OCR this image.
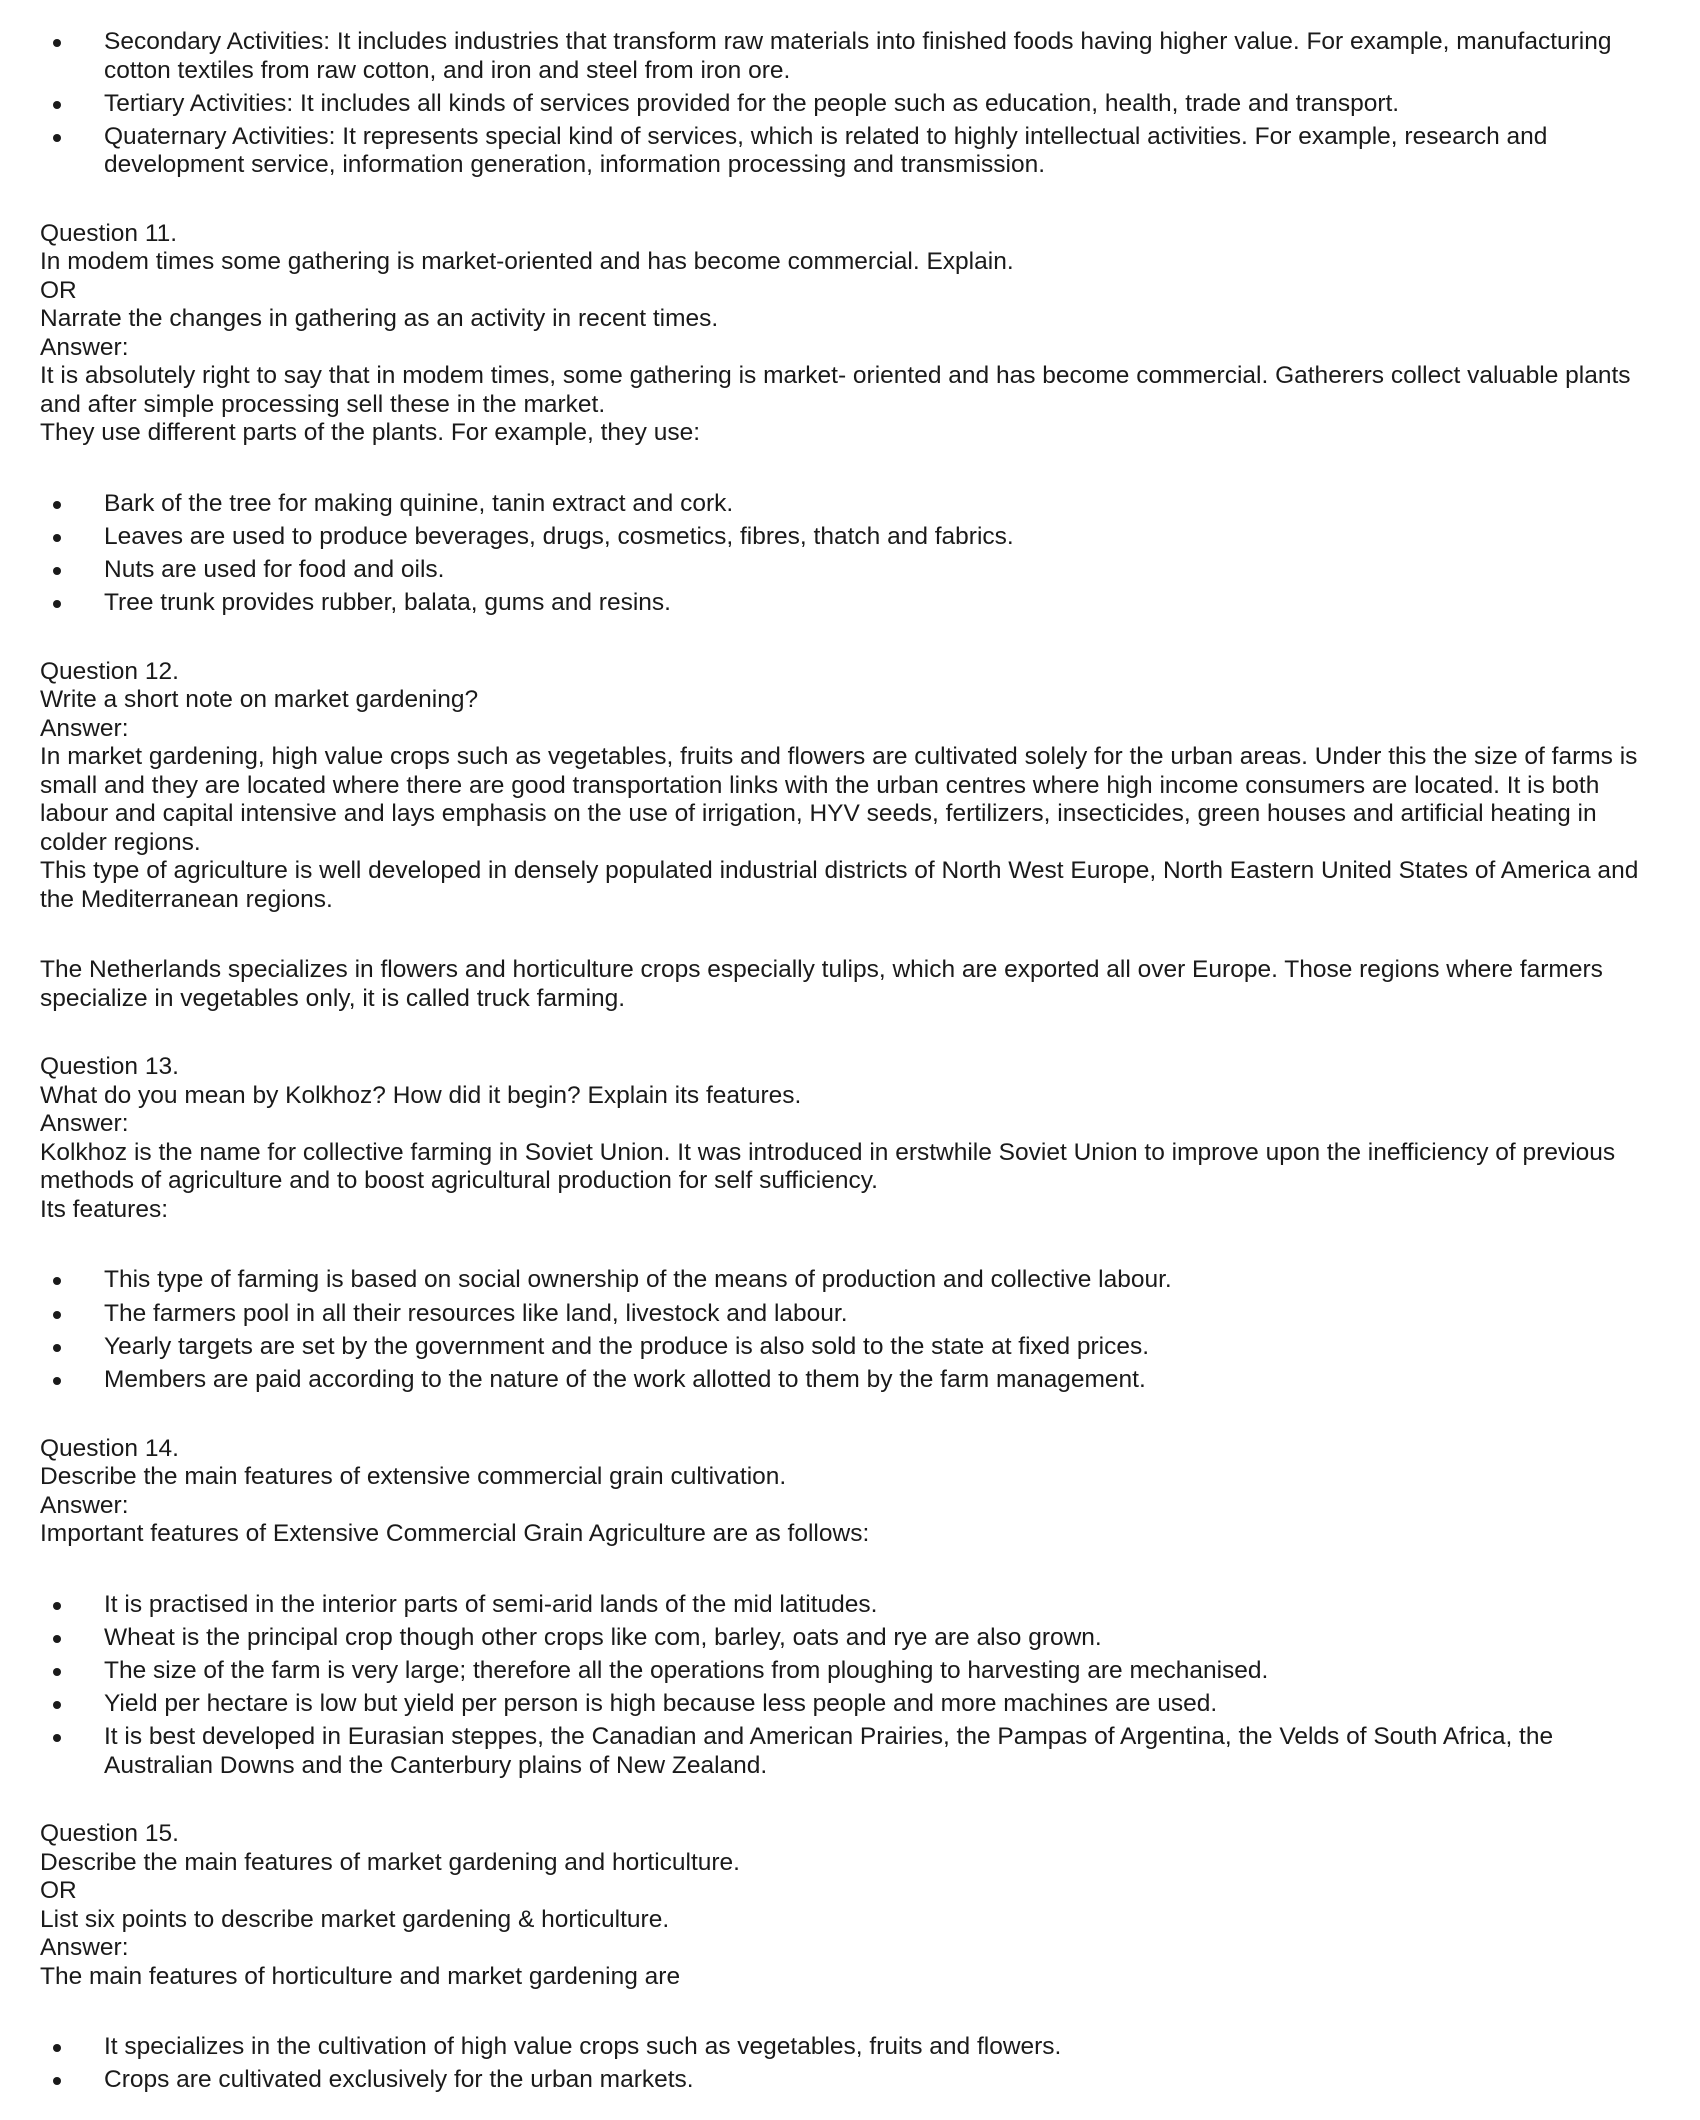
Secondary Activities: It includes industries that transform raw materials into finished foods having higher value. For example, manufacturing cotton textiles from raw cotton, and iron and steel from iron ore.
Tertiary Activities: It includes all kinds of services provided for the people such as education, health, trade and transport.
Quaternary Activities: It represents special kind of services, which is related to highly intellectual activities. For example, research and development service, information generation, information processing and transmission.
Question 11.
In modem times some gathering is market-oriented and has become commercial. Explain.
OR
Narrate the changes in gathering as an activity in recent times.
Answer:
It is absolutely right to say that in modem times, some gathering is market- oriented and has become commercial. Gatherers collect valuable plants and after simple processing sell these in the market.
They use different parts of the plants. For example, they use:
Bark of the tree for making quinine, tanin extract and cork.
Leaves are used to produce beverages, drugs, cosmetics, fibres, thatch and fabrics.
Nuts are used for food and oils.
Tree trunk provides rubber, balata, gums and resins.
Question 12.
Write a short note on market gardening?
Answer:
In market gardening, high value crops such as vegetables, fruits and flowers are cultivated solely for the urban areas. Under this the size of farms is small and they are located where there are good transportation links with the urban centres where high income consumers are located. It is both labour and capital intensive and lays emphasis on the use of irrigation, HYV seeds, fertilizers, insecticides, green houses and artificial heating in colder regions.
This type of agriculture is well developed in densely populated industrial districts of North West Europe, North Eastern United States of America and the Mediterranean regions.
The Netherlands specializes in flowers and horticulture crops especially tulips, which are exported all over Europe. Those regions where farmers specialize in vegetables only, it is called truck farming.
Question 13.
What do you mean by Kolkhoz? How did it begin? Explain its features.
Answer:
Kolkhoz is the name for collective farming in Soviet Union. It was introduced in erstwhile Soviet Union to improve upon the inefficiency of previous methods of agriculture and to boost agricultural production for self sufficiency.
Its features:
This type of farming is based on social ownership of the means of production and collective labour.
The farmers pool in all their resources like land, livestock and labour.
Yearly targets are set by the government and the produce is also sold to the state at fixed prices.
Members are paid according to the nature of the work allotted to them by the farm management.
Question 14.
Describe the main features of extensive commercial grain cultivation.
Answer:
Important features of Extensive Commercial Grain Agriculture are as follows:
It is practised in the interior parts of semi-arid lands of the mid latitudes.
Wheat is the principal crop though other crops like com, barley, oats and rye are also grown.
The size of the farm is very large; therefore all the operations from ploughing to harvesting are mechanised.
Yield per hectare is low but yield per person is high because less people and more machines are used.
It is best developed in Eurasian steppes, the Canadian and American Prairies, the Pampas of Argentina, the Velds of South Africa, the Australian Downs and the Canterbury plains of New Zealand.
Question 15.
Describe the main features of market gardening and horticulture.
OR
List six points to describe market gardening & horticulture.
Answer:
The main features of horticulture and market gardening are
It specializes in the cultivation of high value crops such as vegetables, fruits and flowers.
Crops are cultivated exclusively for the urban markets.
